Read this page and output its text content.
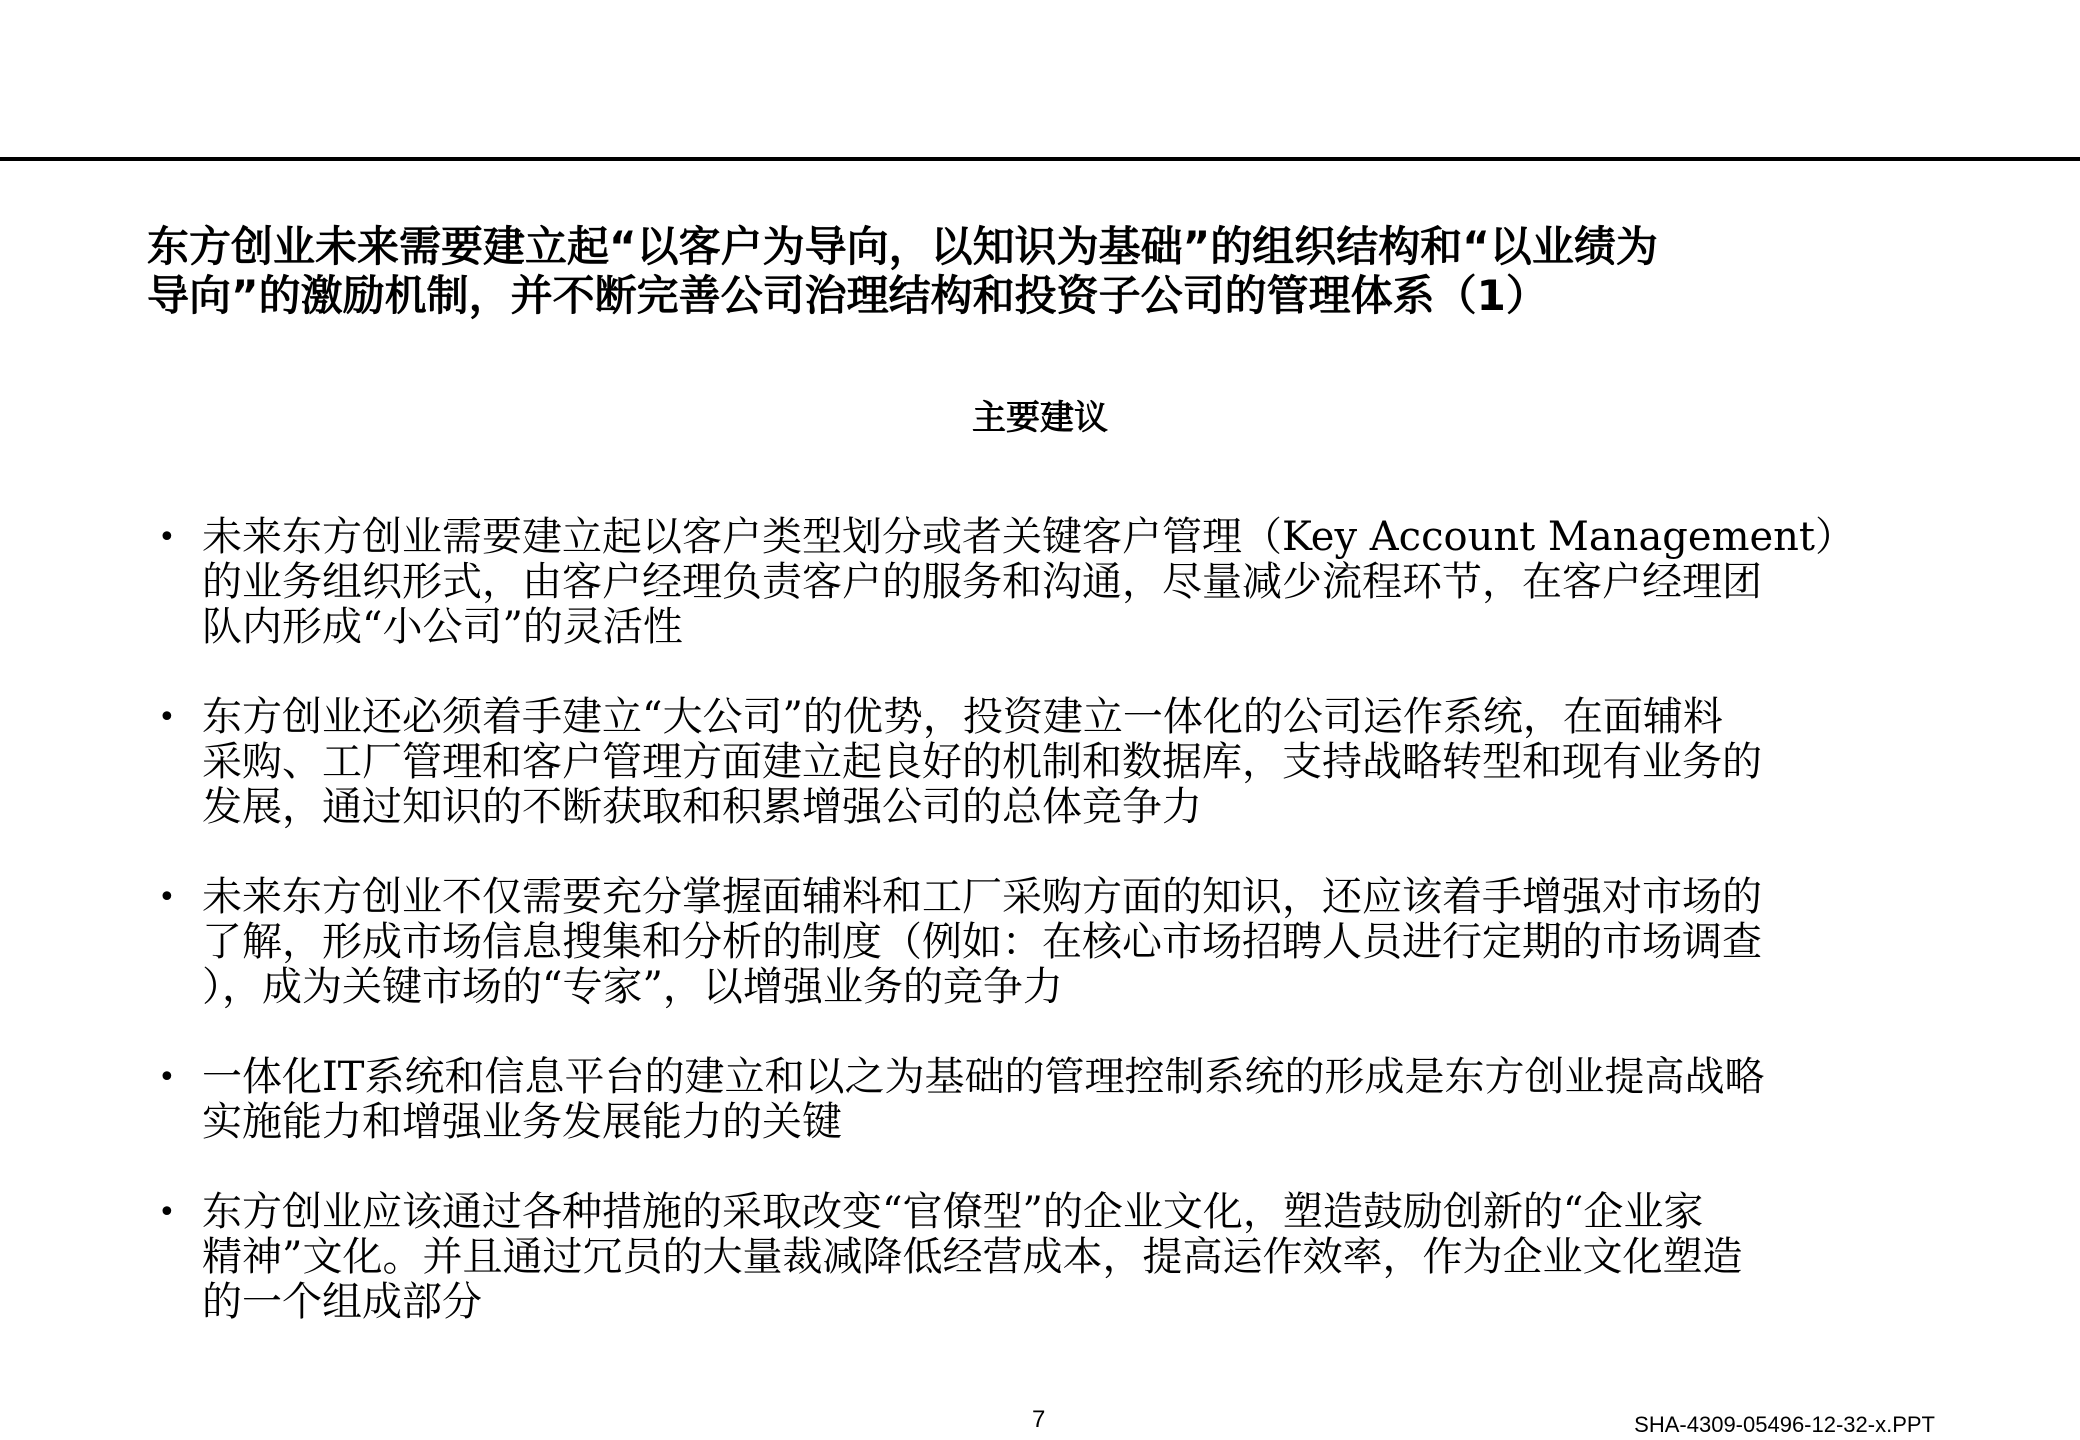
东方创业未来需要建立起“以客户为导向，以知识为基础”的组织结构和“以业绩为
导向”的激励机制，并不断完善公司治理结构和投资子公司的管理体系（1）
主要建议
• 未来东方创业需要建立起以客户类型划分或者关键客户管理（Key Account Management）
的业务组织形式，由客户经理负责客户的服务和沟通，尽量减少流程环节，在客户经理团
队内形成“小公司”的灵活性
• 东方创业还必须着手建立“大公司”的优势，投资建立一体化的公司运作系统，在面辅料
采购、工厂管理和客户管理方面建立起良好的机制和数据库，支持战略转型和现有业务的
发展，通过知识的不断获取和积累增强公司的总体竞争力
• 未来东方创业不仅需要充分掌握面辅料和工厂采购方面的知识，还应该着手增强对市场的
了解，形成市场信息搜集和分析的制度（例如：在核心市场招聘人员进行定期的市场调查
），成为关键市场的“专家”，以增强业务的竞争力
• 一体化IT系统和信息平台的建立和以之为基础的管理控制系统的形成是东方创业提高战略
实施能力和增强业务发展能力的关键
• 东方创业应该通过各种措施的采取改变“官僚型”的企业文化，塑造鼓励创新的“企业家
精神”文化。并且通过冗员的大量裁减降低经营成本，提高运作效率，作为企业文化塑造
的一个组成部分
7	SHA-4309-05496-12-32-x.PPT
